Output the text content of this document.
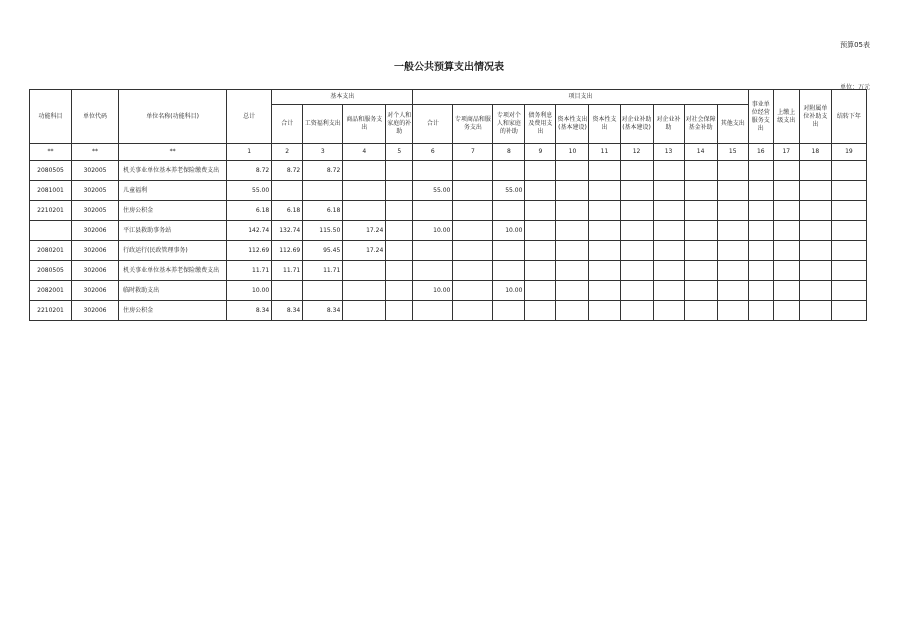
预算05表
一般公共预算支出情况表
单位：万元
功能科目	单位代码	单位名称(功能科目)	总计	基本支出				项目支出										事业单位经营服务支出	上缴上级支出	对附属单位补助支出	结转下年
				合计	工资福利支出	商品和服务支出	对个人和家庭的补助	合计	专项商品和服务支出	专项对个人和家庭的补助	债务利息及费用支出	资本性支出(基本建设)	资本性支出	对企业补助(基本建设)	对企业补助	对社会保障基金补助	其他支出				
**	**	**	1	2	3	4	5	6	7	8	9	10	11	12	13	14	15	16	17	18	19
2080505	302005	机关事业单位基本养老保险缴费支出	8.72	8.72	8.72																
2081001	302005	儿童福利	55.00					55.00		55.00											
2210201	302005	住房公积金	6.18	6.18	6.18																
	302006	平江县救助事务站	142.74	132.74	115.50	17.24		10.00		10.00											
2080201	302006	行政运行(民政管理事务)	112.69	112.69	95.45	17.24															
2080505	302006	机关事业单位基本养老保险缴费支出	11.71	11.71	11.71																
2082001	302006	临时救助支出	10.00					10.00		10.00											
2210201	302006	住房公积金	8.34	8.34	8.34																
